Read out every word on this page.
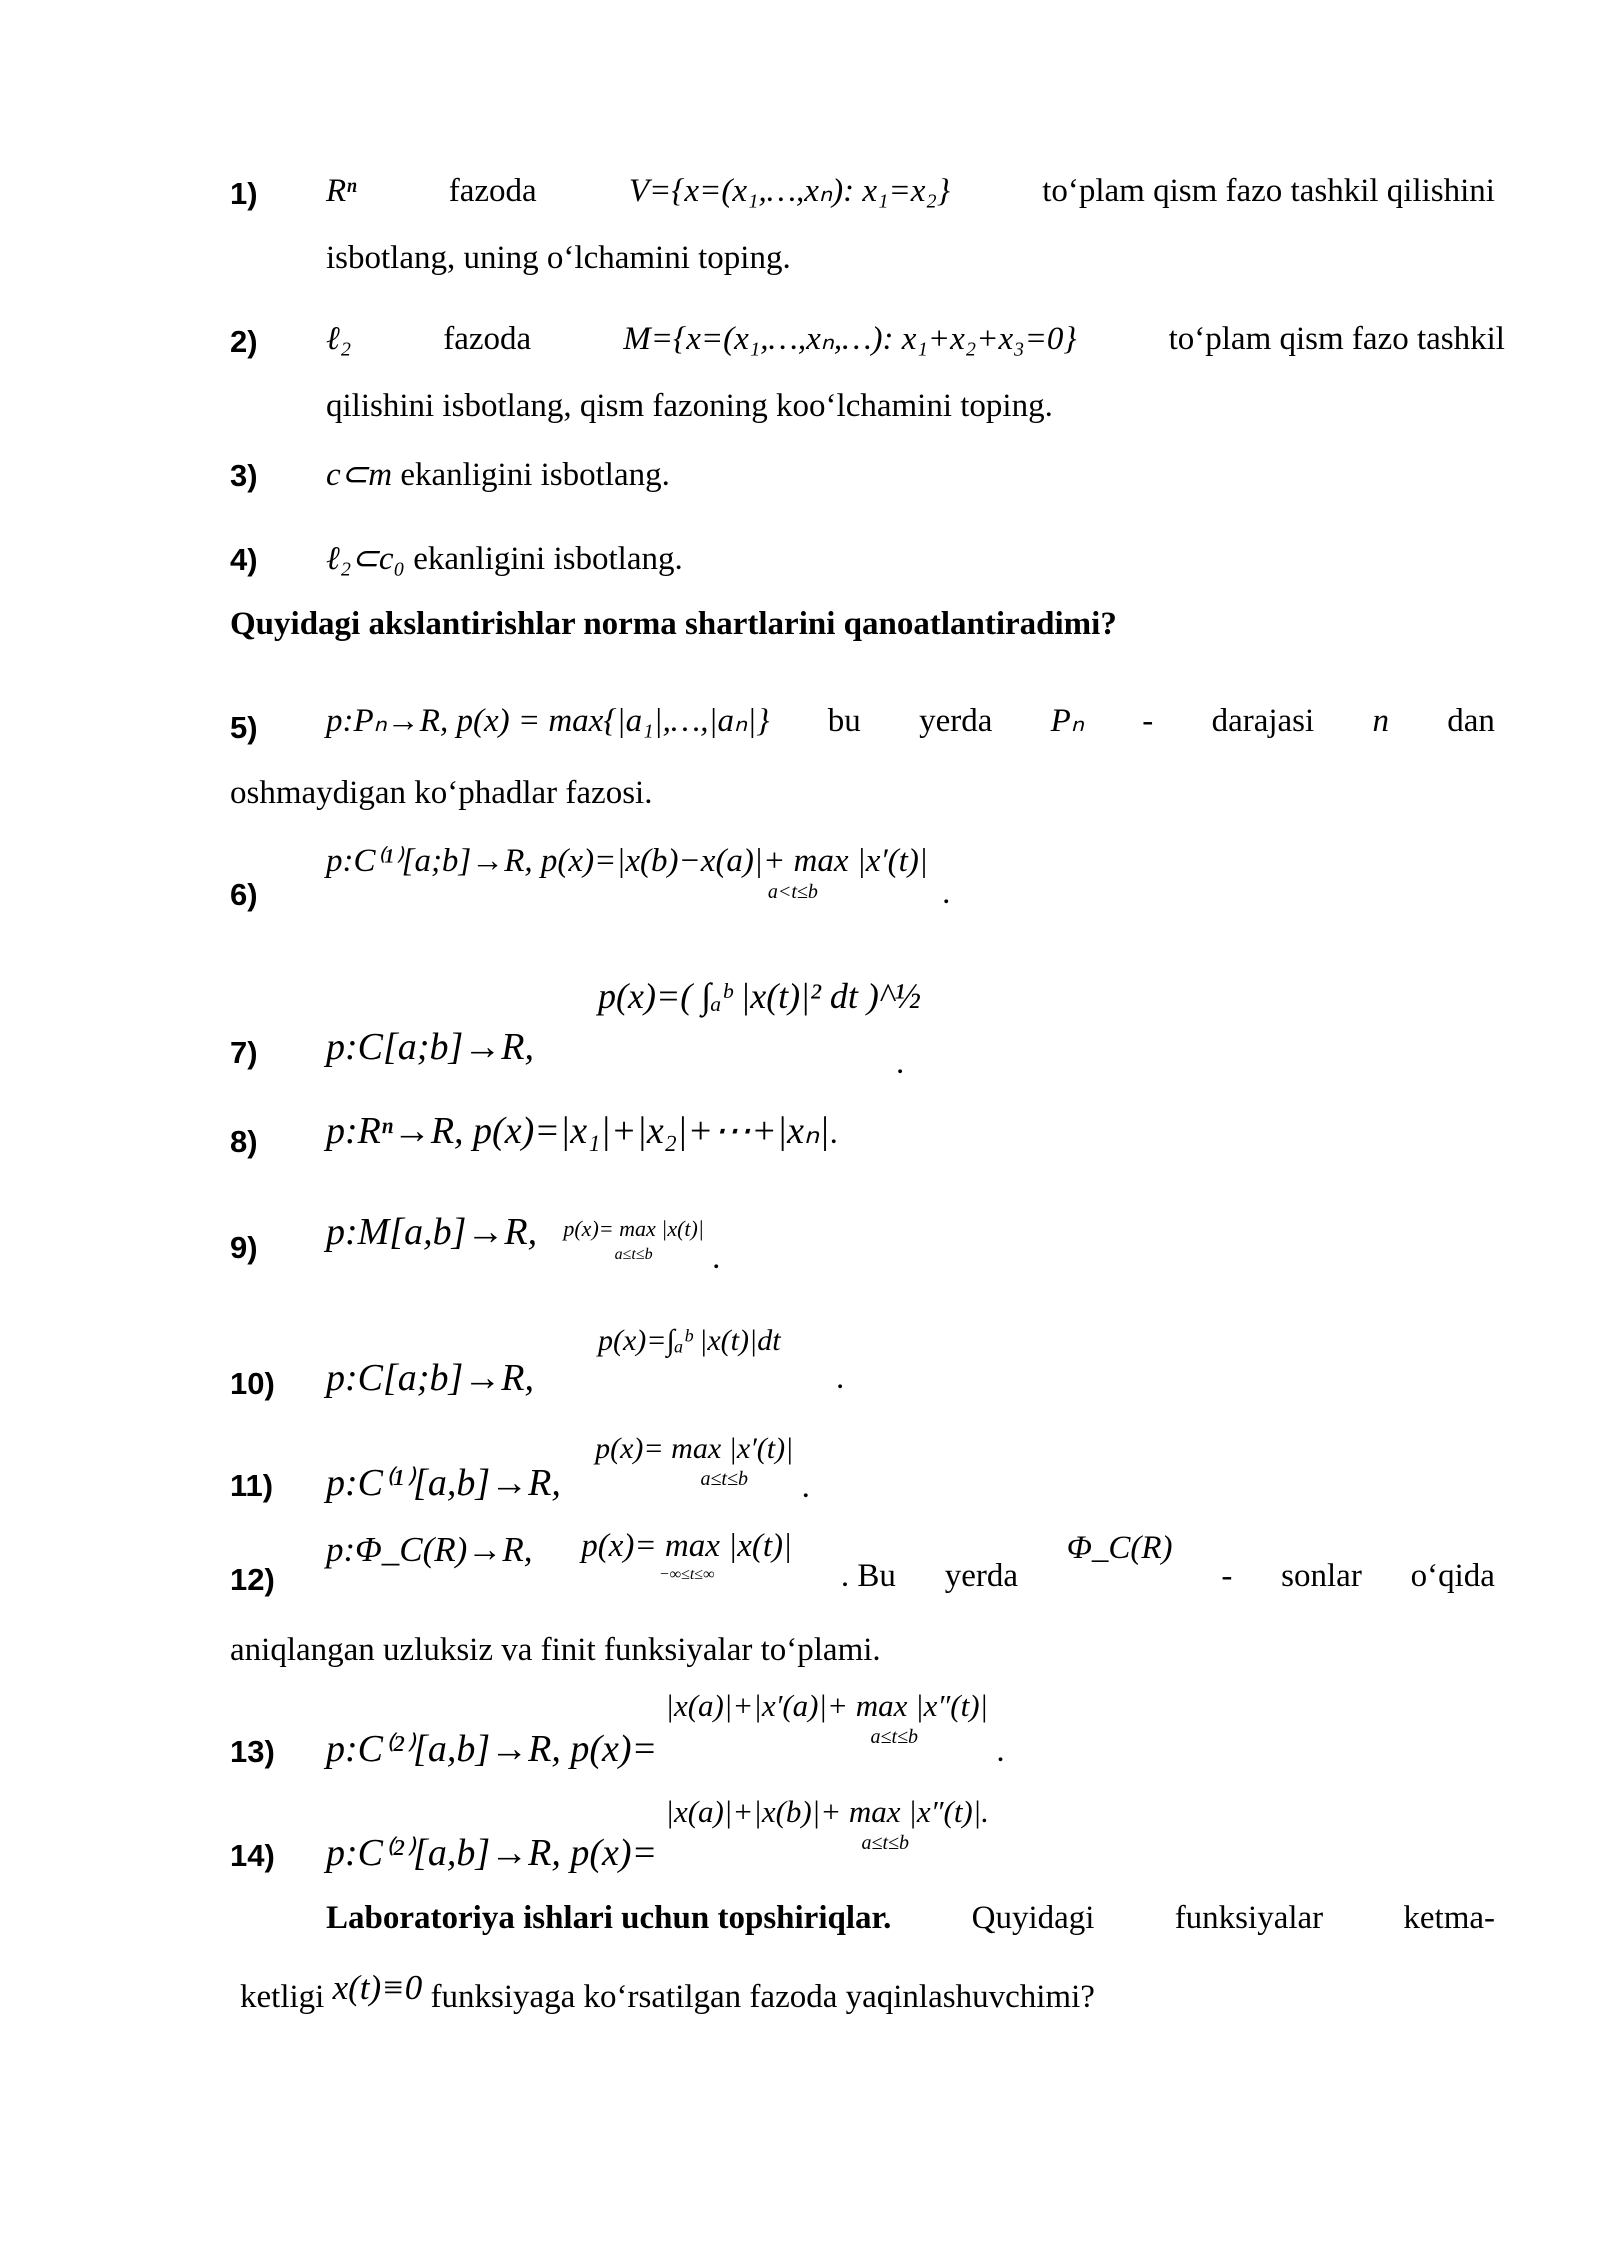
1) Rⁿ	fazoda	V={x=(x₁,…,xₙ): x₁=x₂}	to‘plam qism fazo tashkil qilishini
isbotlang, uning o‘lchamini toping.
2) ℓ₂	fazoda	M={x=(x₁,…,xₙ,…): x₁+x₂+x₃=0}	to‘plam qism fazo tashkil
qilishini isbotlang, qism fazoning koo‘lchamini toping.
3) c⊂m ekanligini isbotlang.
4) ℓ₂⊂c₀ ekanligini isbotlang.
Quyidagi akslantirishlar norma shartlarini qanoatlantiradimi?
5) p:Pₙ→R, p(x) = max{|a₁|,…,|aₙ|} bu yerda Pₙ - darajasi n dan
oshmaydigan ko‘phadlar fazosi.
6)
p:C⁽¹⁾[a;b]→R, p(x)=|x(b)−x(a)|+ max |x′(t)|
a<t≤b	.
7) p:C[a;b]→R,
p(x)=( ∫ₐᵇ |x(t)|² dt )^½
.
8) p:Rⁿ→R, p(x)=|x₁|+|x₂|+⋯+|xₙ|.
9) p:M[a,b]→R, p(x)= max |x(t)|
a≤t≤b	.
10) p:C[a;b]→R,
p(x)=∫ₐᵇ |x(t)|dt
.
11) p:C⁽¹⁾[a,b]→R, p(x)= max |x′(t)|
a≤t≤b	.
12)
p:Φ_C(R)→R, p(x)= max |x(t)|
−∞≤t≤∞	. Bu yerda
Φ_C(R)
- sonlar o‘qida
aniqlangan uzluksiz va finit funksiyalar to‘plami.
13) p:C⁽²⁾[a,b]→R, p(x)= |x(a)|+|x′(a)|+ max |x″(t)|
a≤t≤b	.
14) p:C⁽²⁾[a,b]→R, p(x)= |x(a)|+|x(b)|+ max |x″(t)|.
a≤t≤b
Laboratoriya ishlari uchun topshiriqlar. Quyidagi funksiyalar ketma-
ketligi x(t)≡0 funksiyaga ko‘rsatilgan fazoda yaqinlashuvchimi?
